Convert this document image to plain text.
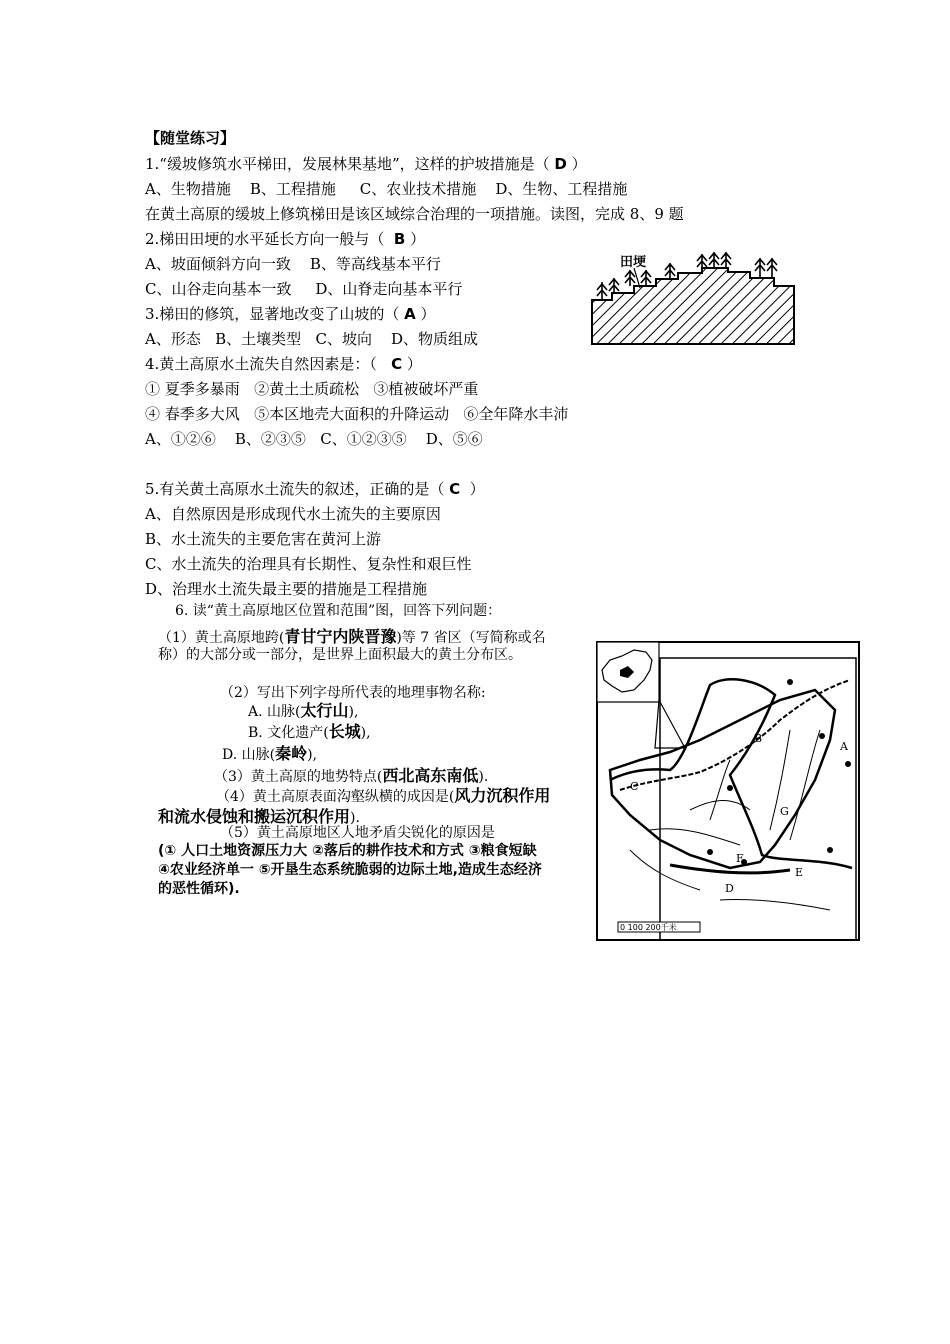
【随堂练习】
1.“缓坡修筑水平梯田，发展林果基地”，这样的护坡措施是（ D ）
A、生物措施    B、工程措施     C、农业技术措施    D、生物、工程措施
在黄土高原的缓坡上修筑梯田是该区域综合治理的一项措施。读图，完成 8、9 题
2.梯田田埂的水平延长方向一般与（  B ）
A、坡面倾斜方向一致    B、等高线基本平行
C、山谷走向基本一致     D、山脊走向基本平行
3.梯田的修筑，显著地改变了山坡的（ A ）
A、形态   B、土壤类型   C、坡向    D、物质组成
4.黄土高原水土流失自然因素是：（   C ）
① 夏季多暴雨   ②黄土土质疏松   ③植被破坏严重
④ 春季多大风   ⑤本区地壳大面积的升降运动   ⑥全年降水丰沛
A、①②⑥    B、②③⑤   C、①②③⑤    D、⑤⑥
5.有关黄土高原水土流失的叙述，正确的是（ C  ）
A、自然原因是形成现代水土流失的主要原因
B、水土流失的主要危害在黄河上游
C、水土流失的治理具有长期性、复杂性和艰巨性
D、治理水土流失最主要的措施是工程措施
6. 读“黄土高原地区位置和范围”图，回答下列问题：
（1）黄土高原地跨(青甘宁内陕晋豫)等 7 省区（写简称或名称）的大部分或一部分，是世界上面积最大的黄土分布区。
（2）写出下列字母所代表的地理事物名称:
A. 山脉(太行山),
B. 文化遗产(长城),
D. 山脉(秦岭),
（3）黄土高原的地势特点(西北高东南低).
（4）黄土高原表面沟壑纵横的成因是(风力沉积作用和流水侵蚀和搬运沉积作用).
（5）黄土高原地区人地矛盾尖锐化的原因是
(① 人口土地资源压力大 ②落后的耕作技术和方式 ③粮食短缺 ④农业经济单一 ⑤开垦生态系统脆弱的边际土地,造成生态经济的恶性循环).
田埂
A
B
C
D
E
F
G
0 100 200千米
